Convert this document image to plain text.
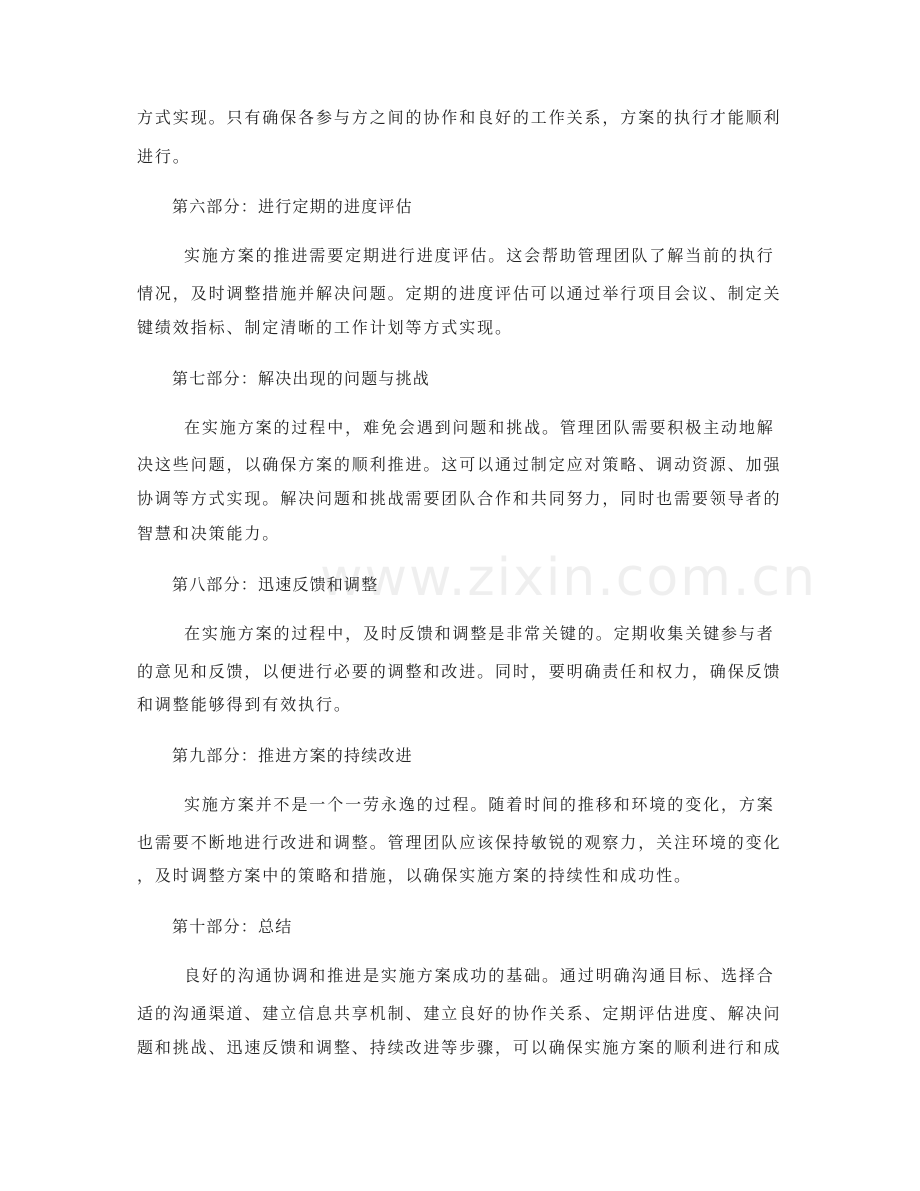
www.zixin.com.cn
方式实现。只有确保各参与方之间的协作和良好的工作关系，方案的执行才能顺利
进行。
第六部分：进行定期的进度评估
实施方案的推进需要定期进行进度评估。这会帮助管理团队了解当前的执行
情况，及时调整措施并解决问题。定期的进度评估可以通过举行项目会议、制定关
键绩效指标、制定清晰的工作计划等方式实现。
第七部分：解决出现的问题与挑战
在实施方案的过程中，难免会遇到问题和挑战。管理团队需要积极主动地解
决这些问题，以确保方案的顺利推进。这可以通过制定应对策略、调动资源、加强
协调等方式实现。解决问题和挑战需要团队合作和共同努力，同时也需要领导者的
智慧和决策能力。
第八部分：迅速反馈和调整
在实施方案的过程中，及时反馈和调整是非常关键的。定期收集关键参与者
的意见和反馈，以便进行必要的调整和改进。同时，要明确责任和权力，确保反馈
和调整能够得到有效执行。
第九部分：推进方案的持续改进
实施方案并不是一个一劳永逸的过程。随着时间的推移和环境的变化，方案
也需要不断地进行改进和调整。管理团队应该保持敏锐的观察力，关注环境的变化
，及时调整方案中的策略和措施，以确保实施方案的持续性和成功性。
第十部分：总结
良好的沟通协调和推进是实施方案成功的基础。通过明确沟通目标、选择合
适的沟通渠道、建立信息共享机制、建立良好的协作关系、定期评估进度、解决问
题和挑战、迅速反馈和调整、持续改进等步骤，可以确保实施方案的顺利进行和成
